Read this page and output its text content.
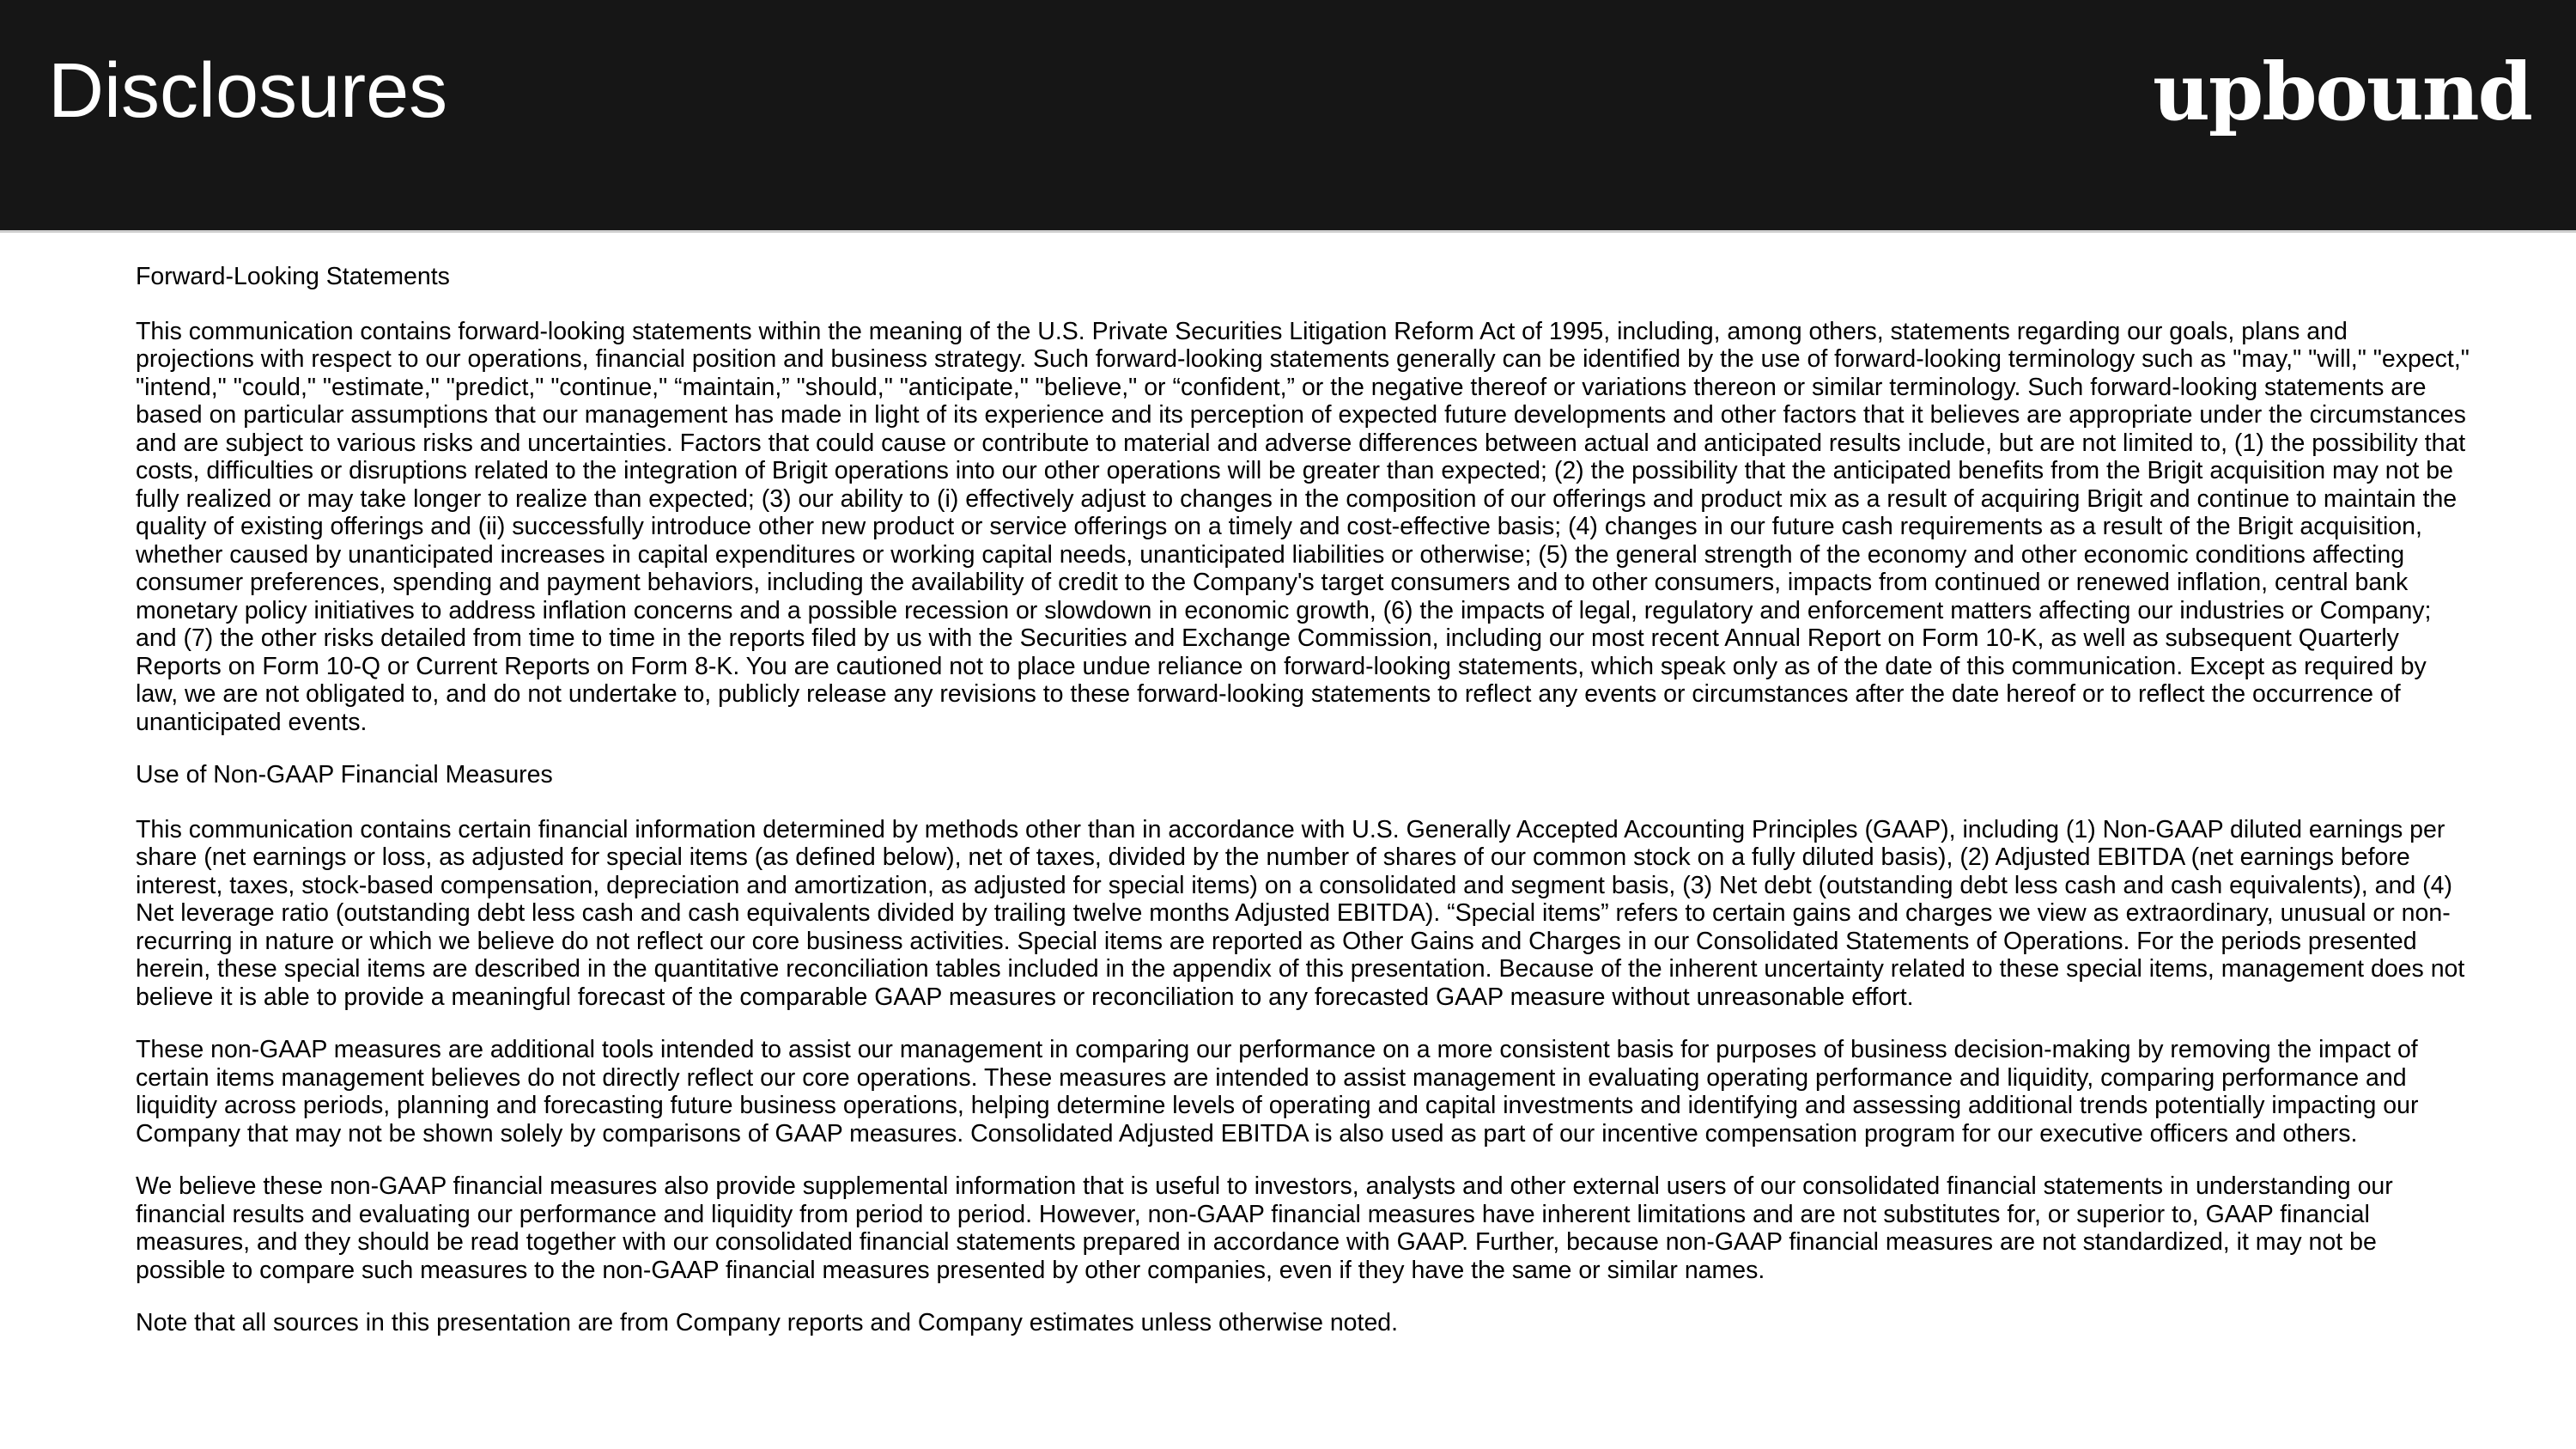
Disclosures	upbound
Forward-Looking Statements
This communication contains forward-looking statements within the meaning of the U.S. Private Securities Litigation Reform Act of 1995, including, among others, statements regarding our goals, plans and projections with respect to our operations, financial position and business strategy. Such forward-looking statements generally can be identified by the use of forward-looking terminology such as "may," "will," "expect," "intend," "could," "estimate," "predict," "continue," “maintain,” "should," "anticipate," "believe," or “confident,” or the negative thereof or variations thereon or similar terminology. Such forward-looking statements are based on particular assumptions that our management has made in light of its experience and its perception of expected future developments and other factors that it believes are appropriate under the circumstances and are subject to various risks and uncertainties. Factors that could cause or contribute to material and adverse differences between actual and anticipated results include, but are not limited to, (1) the possibility that costs, difficulties or disruptions related to the integration of Brigit operations into our other operations will be greater than expected; (2) the possibility that the anticipated benefits from the Brigit acquisition may not be fully realized or may take longer to realize than expected; (3) our ability to (i) effectively adjust to changes in the composition of our offerings and product mix as a result of acquiring Brigit and continue to maintain the quality of existing offerings and (ii) successfully introduce other new product or service offerings on a timely and cost-effective basis; (4) changes in our future cash requirements as a result of the Brigit acquisition, whether caused by unanticipated increases in capital expenditures or working capital needs, unanticipated liabilities or otherwise; (5) the general strength of the economy and other economic conditions affecting consumer preferences, spending and payment behaviors, including the availability of credit to the Company's target consumers and to other consumers, impacts from continued or renewed inflation, central bank monetary policy initiatives to address inflation concerns and a possible recession or slowdown in economic growth, (6) the impacts of legal, regulatory and enforcement matters affecting our industries or Company; and (7) the other risks detailed from time to time in the reports filed by us with the Securities and Exchange Commission, including our most recent Annual Report on Form 10-K, as well as subsequent Quarterly Reports on Form 10-Q or Current Reports on Form 8-K. You are cautioned not to place undue reliance on forward-looking statements, which speak only as of the date of this communication. Except as required by law, we are not obligated to, and do not undertake to, publicly release any revisions to these forward-looking statements to reflect any events or circumstances after the date hereof or to reflect the occurrence of unanticipated events.
Use of Non-GAAP Financial Measures
This communication contains certain financial information determined by methods other than in accordance with U.S. Generally Accepted Accounting Principles (GAAP), including (1) Non-GAAP diluted earnings per share (net earnings or loss, as adjusted for special items (as defined below), net of taxes, divided by the number of shares of our common stock on a fully diluted basis), (2) Adjusted EBITDA (net earnings before interest, taxes, stock-based compensation, depreciation and amortization, as adjusted for special items) on a consolidated and segment basis, (3) Net debt (outstanding debt less cash and cash equivalents), and (4) Net leverage ratio (outstanding debt less cash and cash equivalents divided by trailing twelve months Adjusted EBITDA). “Special items” refers to certain gains and charges we view as extraordinary, unusual or non-recurring in nature or which we believe do not reflect our core business activities. Special items are reported as Other Gains and Charges in our Consolidated Statements of Operations. For the periods presented herein, these special items are described in the quantitative reconciliation tables included in the appendix of this presentation. Because of the inherent uncertainty related to these special items, management does not believe it is able to provide a meaningful forecast of the comparable GAAP measures or reconciliation to any forecasted GAAP measure without unreasonable effort.
These non-GAAP measures are additional tools intended to assist our management in comparing our performance on a more consistent basis for purposes of business decision-making by removing the impact of certain items management believes do not directly reflect our core operations. These measures are intended to assist management in evaluating operating performance and liquidity, comparing performance and liquidity across periods, planning and forecasting future business operations, helping determine levels of operating and capital investments and identifying and assessing additional trends potentially impacting our Company that may not be shown solely by comparisons of GAAP measures. Consolidated Adjusted EBITDA is also used as part of our incentive compensation program for our executive officers and others.
We believe these non-GAAP financial measures also provide supplemental information that is useful to investors, analysts and other external users of our consolidated financial statements in understanding our financial results and evaluating our performance and liquidity from period to period. However, non-GAAP financial measures have inherent limitations and are not substitutes for, or superior to, GAAP financial measures, and they should be read together with our consolidated financial statements prepared in accordance with GAAP. Further, because non-GAAP financial measures are not standardized, it may not be possible to compare such measures to the non-GAAP financial measures presented by other companies, even if they have the same or similar names.
Note that all sources in this presentation are from Company reports and Company estimates unless otherwise noted.
